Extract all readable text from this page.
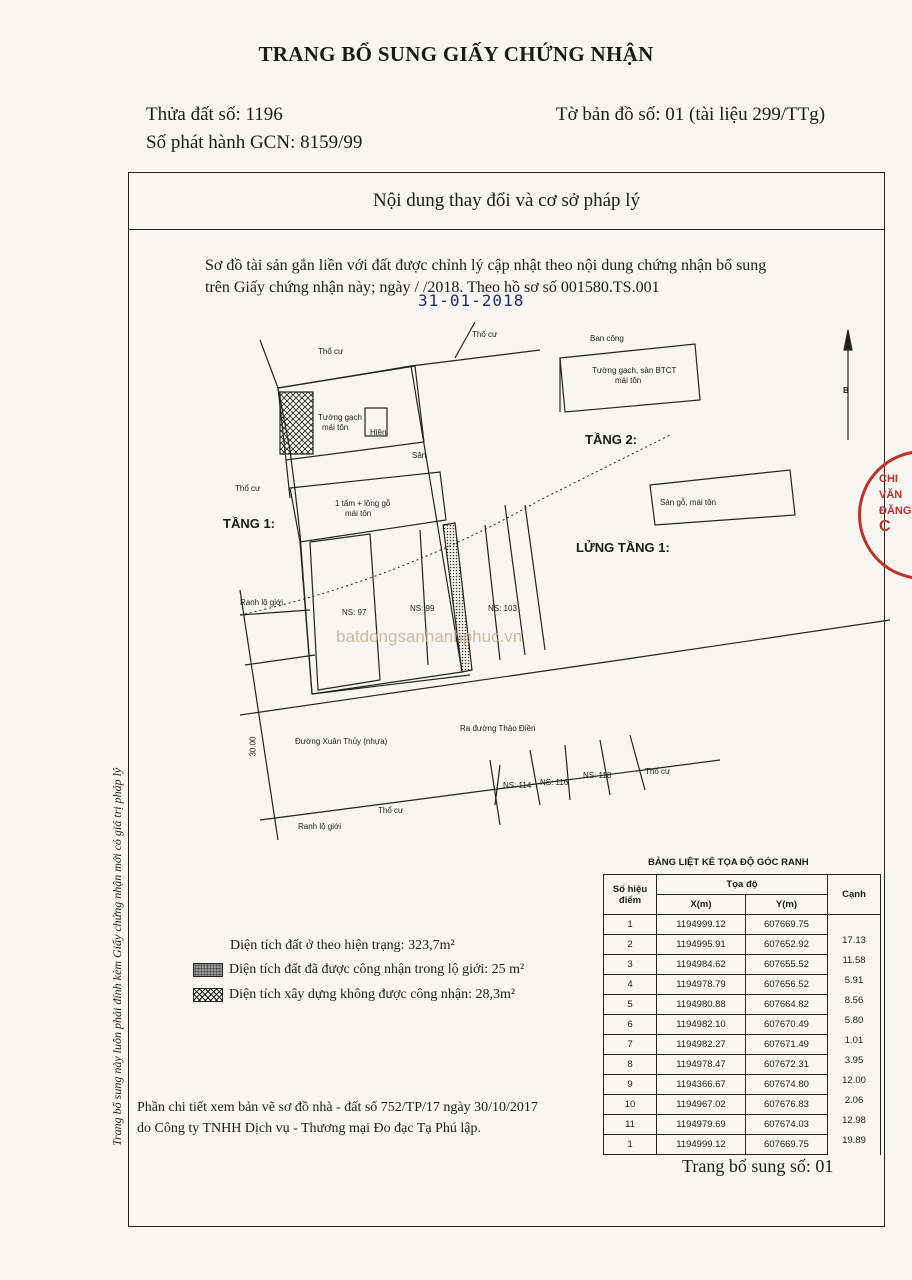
TRANG BỔ SUNG GIẤY CHỨNG NHẬN
Thửa đất số: 1196	Tờ bản đồ số: 01 (tài liệu 299/TTg)
Số phát hành GCN: 8159/99
Nội dung thay đổi và cơ sở pháp lý
Sơ đồ tài sản gắn liền với đất được chỉnh lý cập nhật theo nội dung chứng nhận bổ sung
trên Giấy chứng nhận này; ngày / /2018. Theo hồ sơ số 001580.TS.001
31-01-2018
Trang bổ sung này luôn phải đính kèm Giấy chứng nhận mới có giá trị pháp lý
TẦNG 1:
TẦNG 2:
LỬNG TẦNG 1:
Thổ cư
Thổ cư
Thổ cư
Thổ cư
Thổ cư
Ranh lộ giới
Ranh lộ giới
Đường Xuân Thủy (nhựa)
Ra đường Thảo Điền
NS: 97	NS: 99	NS: 103
NS: 114 NS: 116
NS: 118
Tường gạch
mái tôn
Hiên
Sân
1 tấm + lồng gỗ
mái tôn
Ban công
Tường gạch, sàn BTCT
mái tôn
Sàn gỗ, mái tôn
30.00
B
batdongsanhanhphuc.vn
CHI
VĂN
ĐĂNG
C
BẢNG LIỆT KÊ TỌA ĐỘ GÓC RANH
Số hiệu điểm	Tọa độ		Cạnh
	X(m)	Y(m)	
1	1194999.12	607669.75	
2	1194995.91	607652.92	17.13
3	1194984.62	607655.52	11.58
4	1194978.79	607656.52	5.91
5	1194980.88	607664.82	8.56
6	1194982.10	607670.49	5.80
7	1194982.27	607671.49	1.01
8	1194978.47	607672.31	3.95
9	1194366.67	607674.80	12.00
10	1194967.02	607676.83	2.06
11	1194979.69	607674.03	12.98
1	1194999.12	607669.75	19.89
Diện tích đất ở theo hiện trạng: 323,7m²
Diện tích đất đã được công nhận trong lộ giới: 25 m²
Diện tích xây dựng không được công nhận: 28,3m²
Phần chi tiết xem bản vẽ sơ đồ nhà - đất số 752/TP/17 ngày 30/10/2017
do Công ty TNHH Dịch vụ - Thương mại Đo đạc Tạ Phú lập.
Trang bổ sung số: 01
